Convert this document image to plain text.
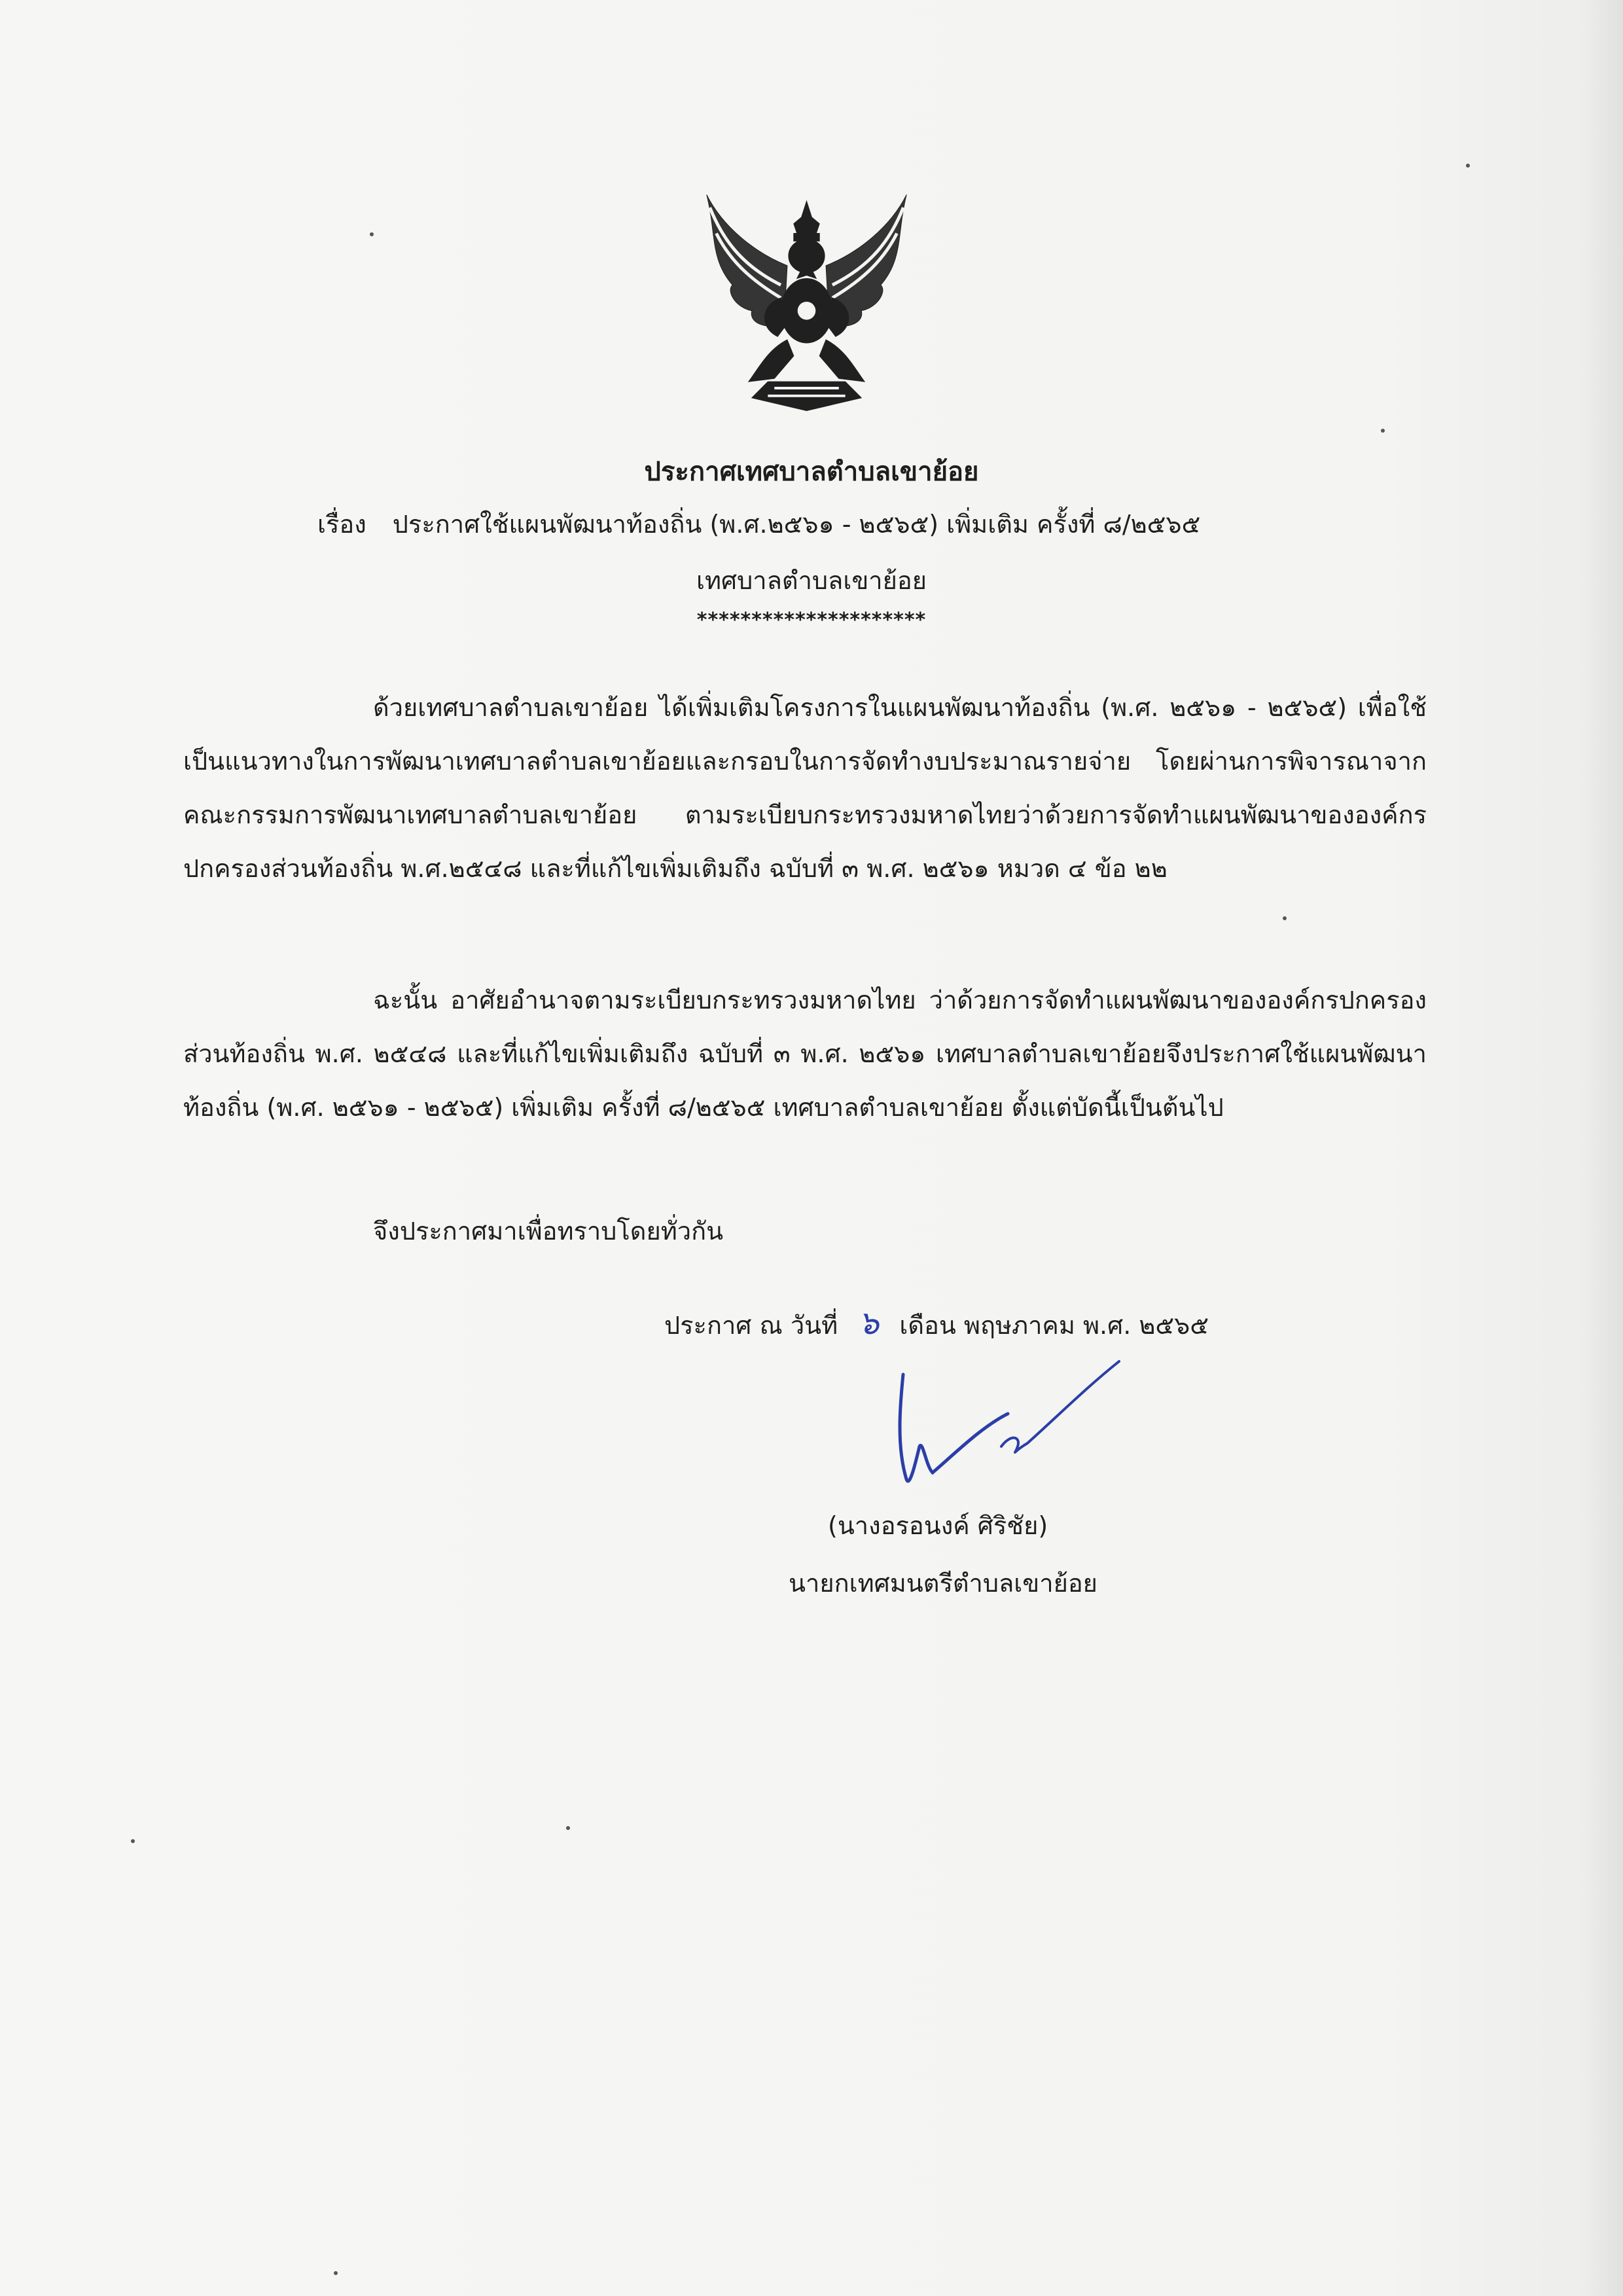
ประกาศเทศบาลตำบลเขาย้อย
เรื่อง ประกาศใช้แผนพัฒนาท้องถิ่น (พ.ศ.๒๕๖๑ - ๒๕๖๕) เพิ่มเติม ครั้งที่ ๘/๒๕๖๕
เทศบาลตำบลเขาย้อย
*********************
ด้วยเทศบาลตำบลเขาย้อย ได้เพิ่มเติมโครงการในแผนพัฒนาท้องถิ่น (พ.ศ. ๒๕๖๑ - ๒๕๖๕) เพื่อใช้เป็นแนวทางในการพัฒนาเทศบาลตำบลเขาย้อยและกรอบในการจัดทำงบประมาณรายจ่าย โดยผ่านการพิจารณาจากคณะกรรมการพัฒนาเทศบาลตำบลเขาย้อย ตามระเบียบกระทรวงมหาดไทยว่าด้วยการจัดทำแผนพัฒนาขององค์กรปกครองส่วนท้องถิ่น พ.ศ.๒๕๔๘ และที่แก้ไขเพิ่มเติมถึง ฉบับที่ ๓ พ.ศ. ๒๕๖๑ หมวด ๔ ข้อ ๒๒
ฉะนั้น อาศัยอำนาจตามระเบียบกระทรวงมหาดไทย ว่าด้วยการจัดทำแผนพัฒนาขององค์กรปกครองส่วนท้องถิ่น พ.ศ. ๒๕๔๘ และที่แก้ไขเพิ่มเติมถึง ฉบับที่ ๓ พ.ศ. ๒๕๖๑ เทศบาลตำบลเขาย้อยจึงประกาศใช้แผนพัฒนาท้องถิ่น (พ.ศ. ๒๕๖๑ - ๒๕๖๕) เพิ่มเติม ครั้งที่ ๘/๒๕๖๕ เทศบาลตำบลเขาย้อย ตั้งแต่บัดนี้เป็นต้นไป
จึงประกาศมาเพื่อทราบโดยทั่วกัน
ประกาศ ณ วันที่ ๖ เดือน พฤษภาคม พ.ศ. ๒๕๖๕
(นางอรอนงค์ ศิริชัย)
นายกเทศมนตรีตำบลเขาย้อย
